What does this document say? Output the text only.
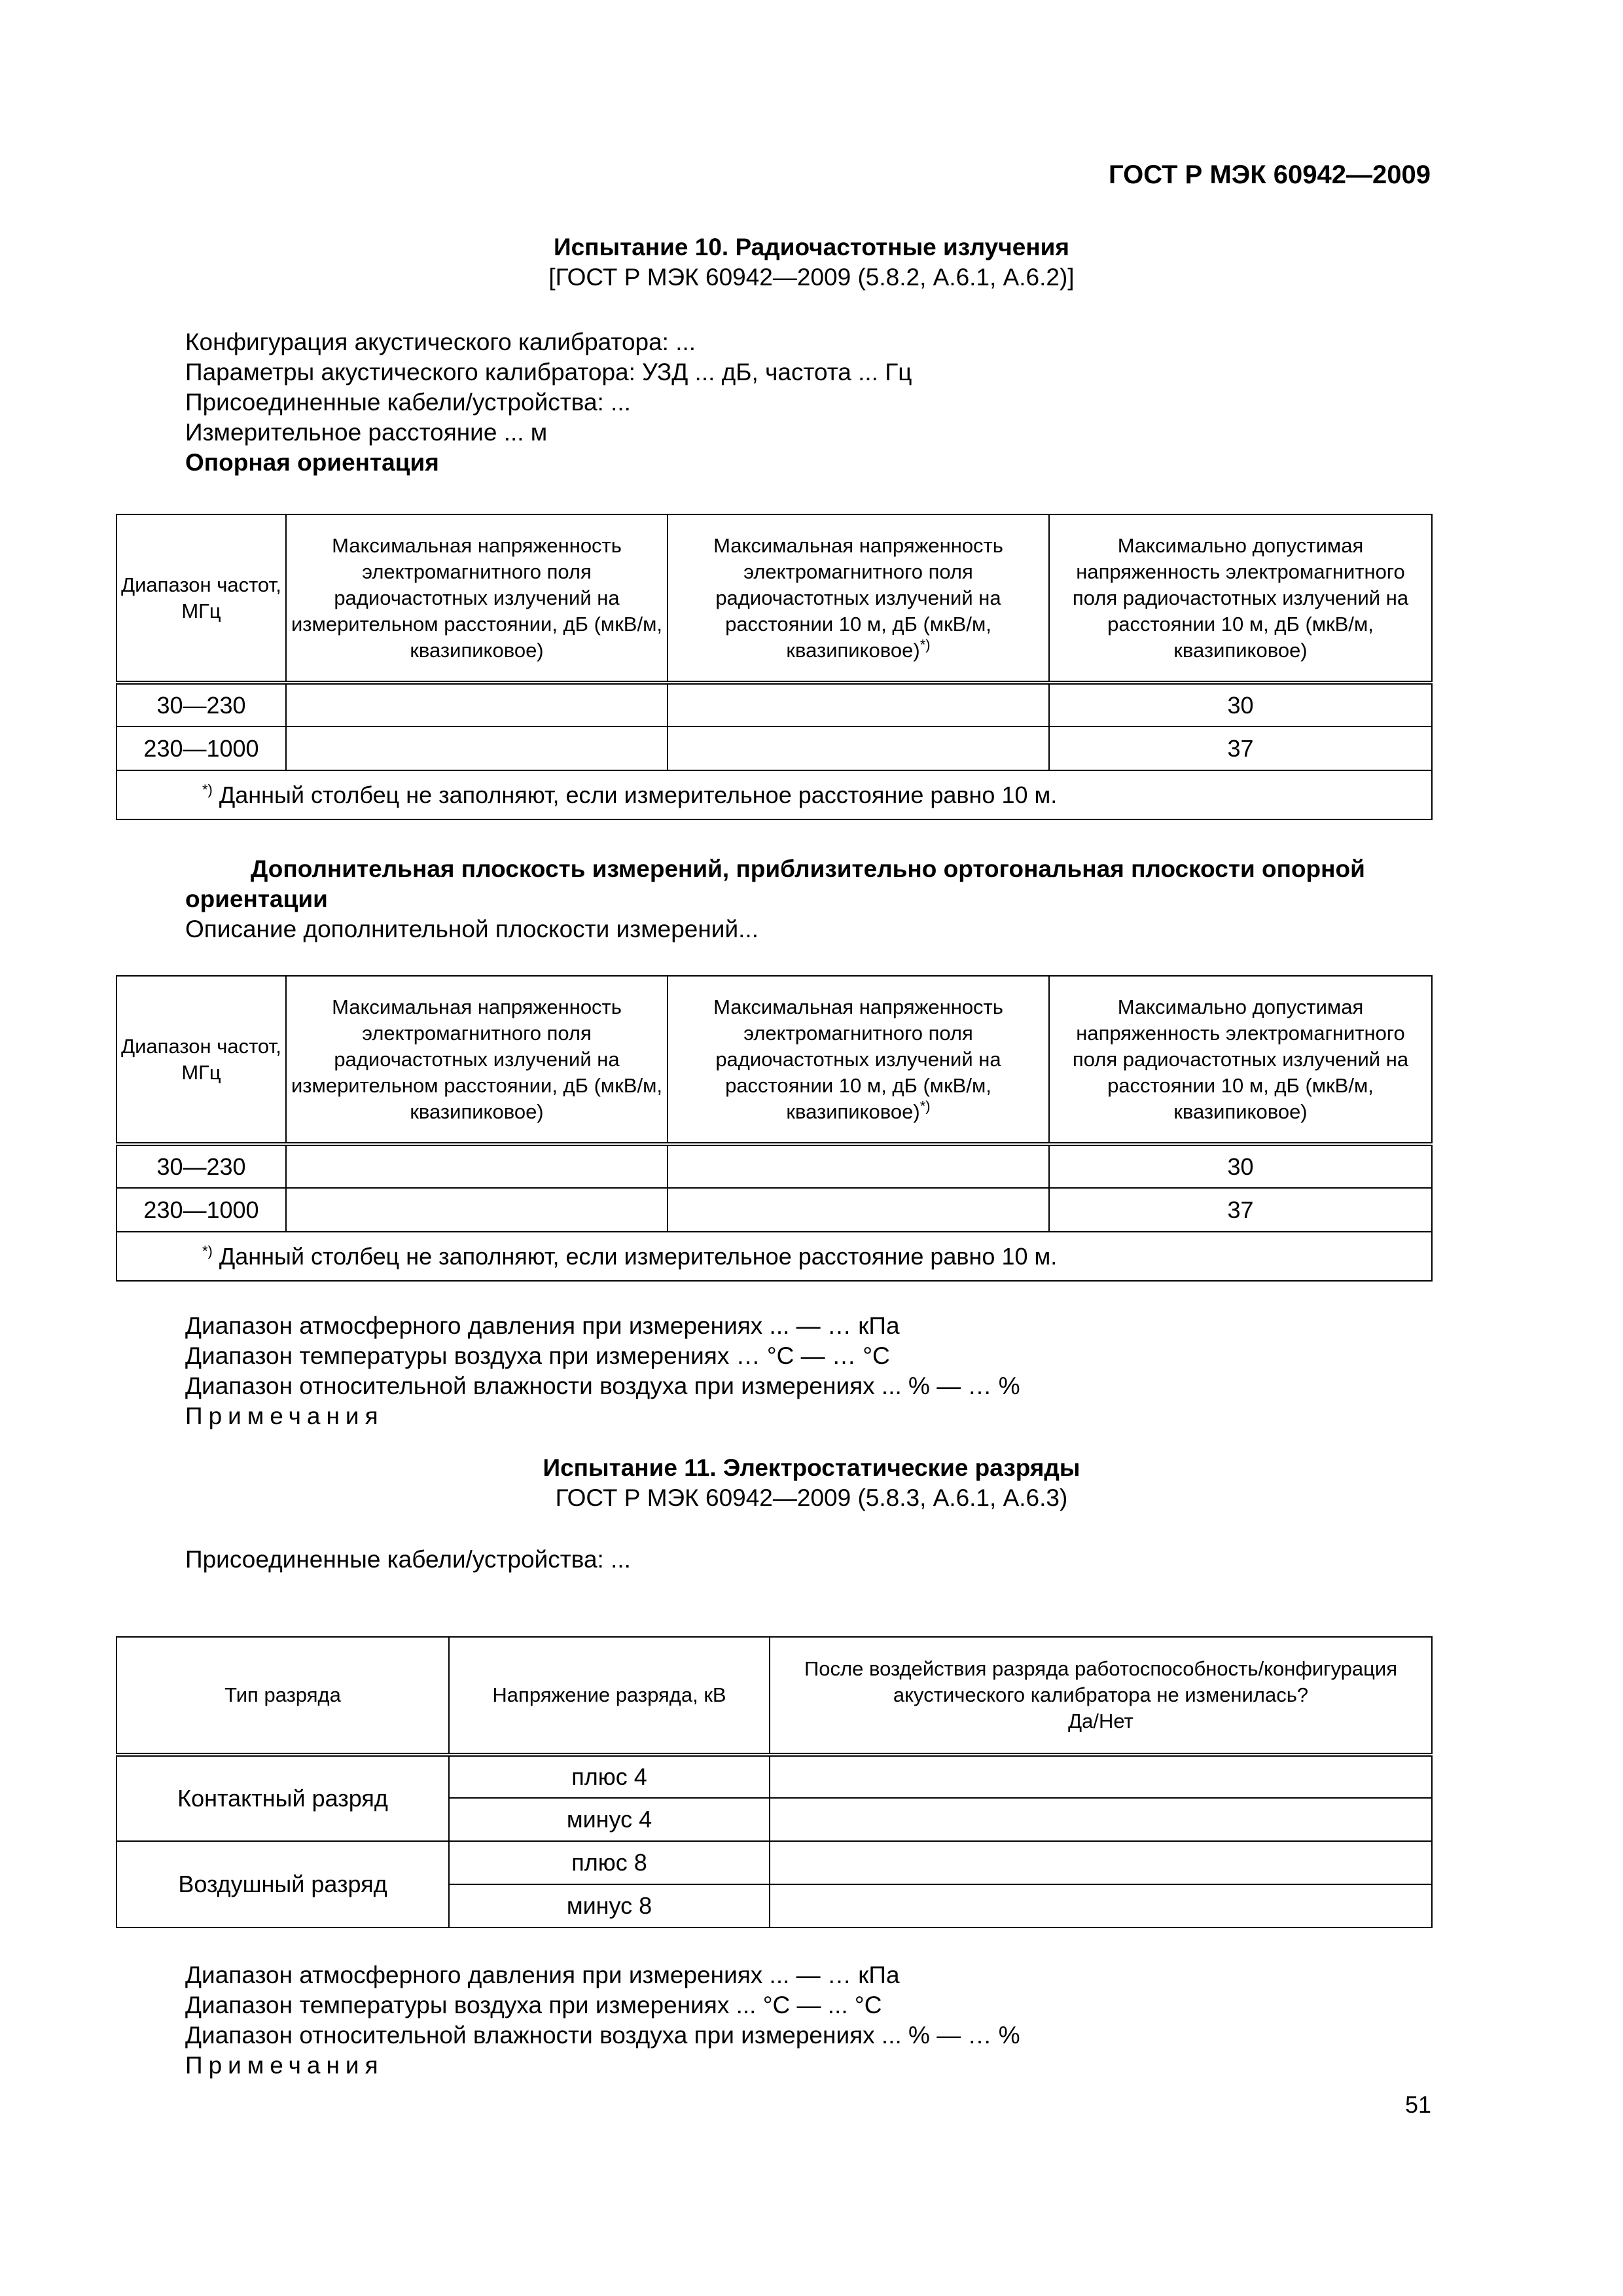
ГОСТ Р МЭК 60942—2009
Испытание 10. Радиочастотные излучения
[ГОСТ Р МЭК 60942—2009 (5.8.2, А.6.1, А.6.2)]

Конфигурация акустического калибратора: ...

Параметры акустического калибратора: УЗД ... дБ, частота ... Гц

Присоединенные кабели/устройства: ...

Измерительное расстояние ... м

Опорная ориентация

Диапазон частот, МГц	Максимальная напряженность электромагнитного поля радиочастотных излучений на измерительном расстоянии, дБ (мкВ/м, квазипиковое)	Максимальная напряженность электромагнитного поля радиочастотных излучений на расстоянии 10 м, дБ (мкВ/м, квазипиковое)*)	Максимально допустимая напряженность электромагнитного поля радиочастотных излучений на расстоянии 10 м, дБ (мкВ/м, квазипиковое)
30—230			30
230—1000			37
*) Данный столбец не заполняют, если измерительное расстояние равно 10 м.			

Дополнительная плоскость измерений, приблизительно ортогональная плоскости опорной ориентации

Описание дополнительной плоскости измерений...

Диапазон частот, МГц	Максимальная напряженность электромагнитного поля радиочастотных излучений на измерительном расстоянии, дБ (мкВ/м, квазипиковое)	Максимальная напряженность электромагнитного поля радиочастотных излучений на расстоянии 10 м, дБ (мкВ/м, квазипиковое)*)	Максимально допустимая напряженность электромагнитного поля радиочастотных излучений на расстоянии 10 м, дБ (мкВ/м, квазипиковое)
30—230			30
230—1000			37
*) Данный столбец не заполняют, если измерительное расстояние равно 10 м.			

Диапазон атмосферного давления при измерениях ... — … кПа

Диапазон температуры воздуха при измерениях … °С — … °С

Диапазон относительной влажности воздуха при измерениях ... % — … %

Примечания

Испытание 11. Электростатические разряды
ГОСТ Р МЭК 60942—2009 (5.8.3, А.6.1, А.6.3)

Присоединенные кабели/устройства: ...

Тип разряда	Напряжение разряда, кВ	После воздействия разряда работоспособность/конфигурация акустического калибратора не изменилась?
Да/Нет
Контактный разряд	плюс 4	
	минус 4	
Воздушный разряд	плюс 8	
	минус 8	

Диапазон атмосферного давления при измерениях ... — … кПа

Диапазон температуры воздуха при измерениях ... °С — ... °С

Диапазон относительной влажности воздуха при измерениях ... % — … %

Примечания

51
